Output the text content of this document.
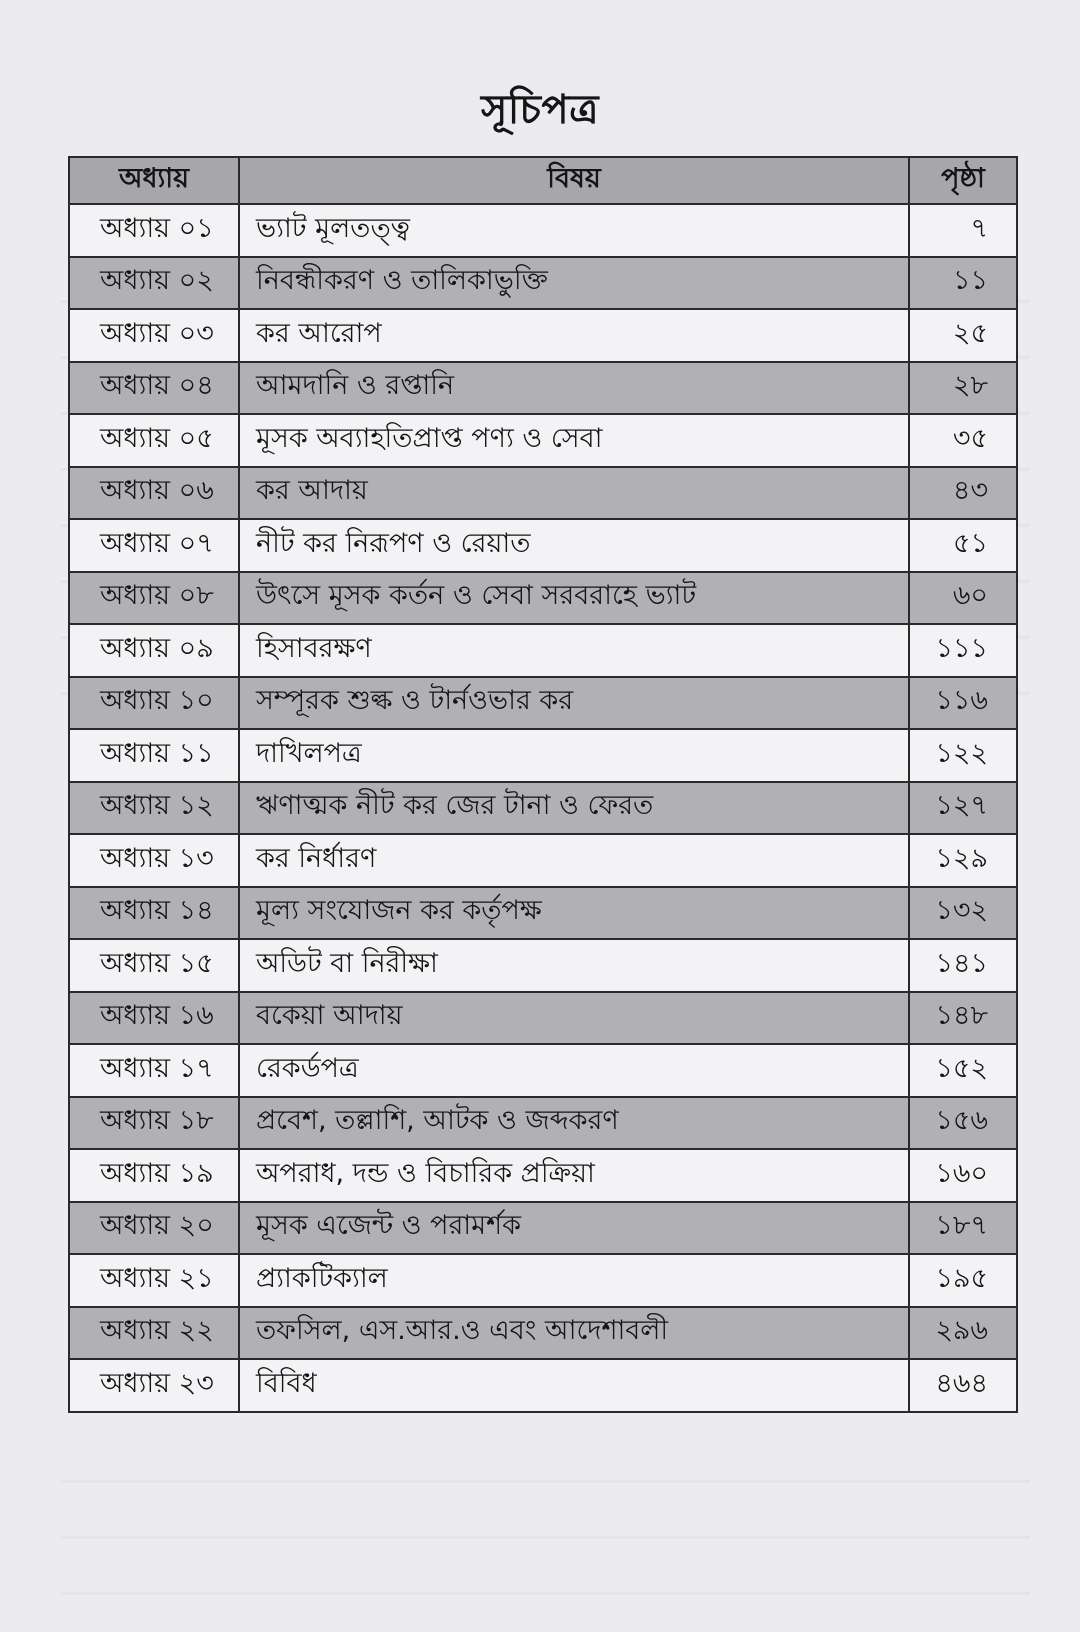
সূচিপত্র
অধ্যায়	বিষয়	পৃষ্ঠা
অধ্যায় ০১	ভ্যাট মূলতত্ত্ব	৭
অধ্যায় ০২	নিবন্ধীকরণ ও তালিকাভুক্তি	১১
অধ্যায় ০৩	কর আরোপ	২৫
অধ্যায় ০৪	আমদানি ও রপ্তানি	২৮
অধ্যায় ০৫	মূসক অব্যাহতিপ্রাপ্ত পণ্য ও সেবা	৩৫
অধ্যায় ০৬	কর আদায়	৪৩
অধ্যায় ০৭	নীট কর নিরূপণ ও রেয়াত	৫১
অধ্যায় ০৮	উৎসে মূসক কর্তন ও সেবা সরবরাহে ভ্যাট	৬০
অধ্যায় ০৯	হিসাবরক্ষণ	১১১
অধ্যায় ১০	সম্পূরক শুল্ক ও টার্নওভার কর	১১৬
অধ্যায় ১১	দাখিলপত্র	১২২
অধ্যায় ১২	ঋণাত্মক নীট কর জের টানা ও ফেরত	১২৭
অধ্যায় ১৩	কর নির্ধারণ	১২৯
অধ্যায় ১৪	মূল্য সংযোজন কর কর্তৃপক্ষ	১৩২
অধ্যায় ১৫	অডিট বা নিরীক্ষা	১৪১
অধ্যায় ১৬	বকেয়া আদায়	১৪৮
অধ্যায় ১৭	রেকর্ডপত্র	১৫২
অধ্যায় ১৮	প্রবেশ, তল্লাশি, আটক ও জব্দকরণ	১৫৬
অধ্যায় ১৯	অপরাধ, দন্ড ও বিচারিক প্রক্রিয়া	১৬০
অধ্যায় ২০	মূসক এজেন্ট ও পরামর্শক	১৮৭
অধ্যায় ২১	প্র্যাকটিক্যাল	১৯৫
অধ্যায় ২২	তফসিল, এস.আর.ও এবং আদেশাবলী	২৯৬
অধ্যায় ২৩	বিবিধ	৪৬৪
